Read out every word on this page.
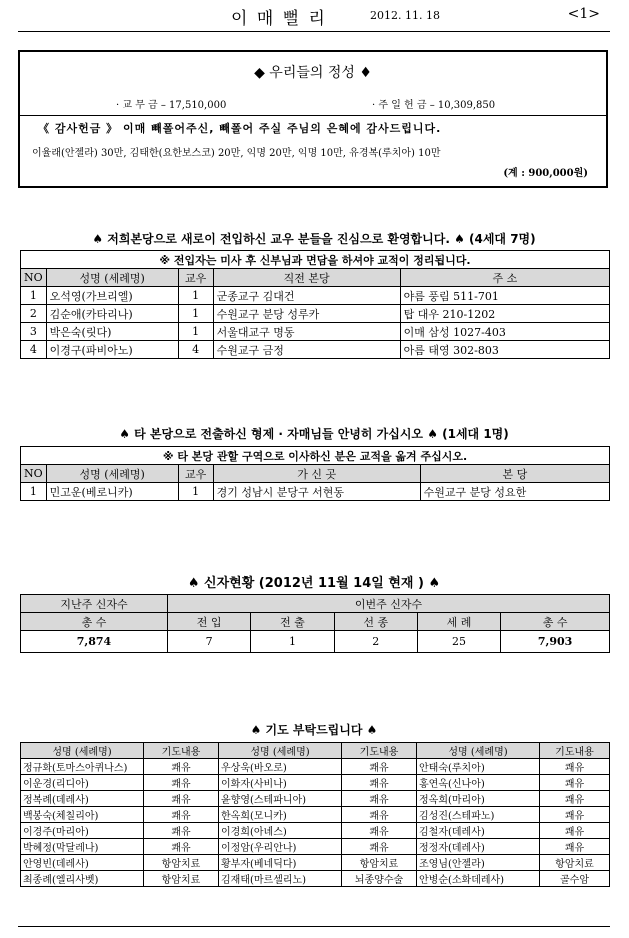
이 매 뻘 리	2012. 11. 18	<1>
◆ 우리들의 정성 ♦
· 교 무 금 – 17,510,000	· 주 일 헌 금 – 10,309,850
《 감사헌금 》 이매 빼폴어주신, 빼폴어 주실 주님의 은혜에 감사드립니다.
이율래(안젤라) 30만, 김태한(요한보스코) 20만, 익명 20만, 익명 10만, 유경복(루치아) 10만
(계 : 900,000원)
♠ 저희본당으로 새로이 전입하신 교우 분들을 진심으로 환영합니다. ♠ (4세대 7명)
※ 전입자는 미사 후 신부님과 면담을 하셔야 교적이 정리됩니다.				
NO	성명 (세례명)	교우	직전 본당	주 소
1	오석영(가브리엘)	1	군종교구 김대건	야름 풍림 511-701
2	김순애(카타리나)	1	수원교구 분당 성루카	탑 대우 210-1202
3	박은숙(릿다)	1	서울대교구 명동	이매 삼성 1027-403
4	이경구(파비아노)	4	수원교구 금정	아름 태영 302-803
♠ 타 본당으로 전출하신 형제 · 자매님들 안녕히 가십시오 ♠ (1세대 1명)
※ 타 본당 관할 구역으로 이사하신 분은 교적을 옮겨 주십시오.				
NO	성명 (세례명)	교우	가 신 곳	본 당
1	민고운(베로니카)	1	경기 성남시 분당구 서현동	수원교구 분당 성요한
♠ 신자현황 (2012년 11월 14일 현재 ) ♠
지난주 신자수	이번주 신자수				
총 수	전 입	전 출	선 종	세 례	총 수
7,874	7	1	2	25	7,903
♠ 기도 부탁드립니다 ♠
성명 (세례명)	기도내용	성명 (세례명)	기도내용	성명 (세례명)	기도내용
정규화(토마스아퀴나스)	쾌유	우상욱(바오로)	쾌유	안태숙(루치아)	쾌유
이운경(리디아)	쾌유	이화자(사비나)	쾌유	홍연옥(신나아)	쾌유
정복례(데레사)	쾌유	윤향영(스테파니아)	쾌유	정옥희(마리아)	쾌유
백봉숙(체칠리아)	쾌유	한옥희(모니카)	쾌유	김성진(스테파노)	쾌유
이경주(마리아)	쾌유	이경희(아녜스)	쾌유	김철자(데레사)	쾌유
박혜정(막달레나)	쾌유	이정암(우리안나)	쾌유	정정자(데레사)	쾌유
안영빈(데레사)	항암치료	황부자(베네딕다)	항암치료	조영님(안젤라)	항암치료
최종례(엘리사벳)	항암치료	김재태(마르셀리노)	뇌종양수술	안병순(소화데레사)	골수암
